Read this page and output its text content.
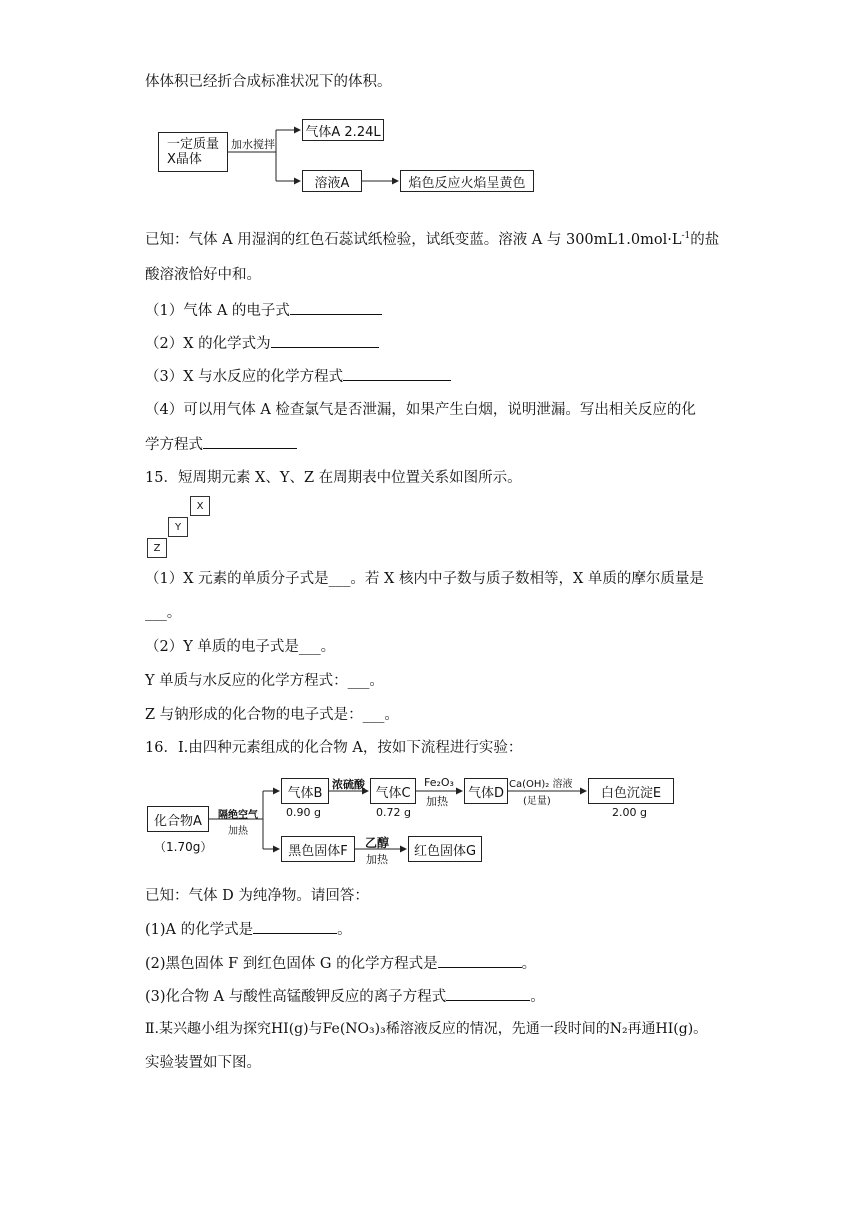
体体积已经折合成标准状况下的体积。
一定质量
X晶体
加水搅拌
气体A 2.24L
溶液A	焰色反应火焰呈黄色
已知：气体 A 用湿润的红色石蕊试纸检验，试纸变蓝。溶液 A 与 $300mL1.0mol\cdot L^{-1}$的盐
酸溶液恰好中和。
（1）气体 A 的电子式
（2）X 的化学式为
（3）X 与水反应的化学方程式
（4）可以用气体 A 检查氯气是否泄漏，如果产生白烟，说明泄漏。写出相关反应的化
学方程式
15．短周期元素 X、Y、Z 在周期表中位置关系如图所示。
X
Y
Z
（1）X 元素的单质分子式是___。若 X 核内中子数与质子数相等，X 单质的摩尔质量是
___。
（2）Y 单质的电子式是___。
Y 单质与水反应的化学方程式：___。
Z 与钠形成的化合物的电子式是：___。
16．Ⅰ.由四种元素组成的化合物 A，按如下流程进行实验：
化合物A
（1.70g）
隔绝空气
加热
气体B
0.90 g
浓硫酸
气体C
0.72 g
Fe₂O₃
加热
气体D
Ca(OH)₂ 溶液
(足量)
白色沉淀E
2.00 g
黑色固体F
乙醇
加热
红色固体G
已知：气体 D 为纯净物。请回答：
(1)A 的化学式是	。
(2)黑色固体 F 到红色固体 G 的化学方程式是	。
(3)化合物 A 与酸性高锰酸钾反应的离子方程式	。
Ⅱ.某兴趣小组为探究HI(g)与Fe(NO₃)₃稀溶液反应的情况，先通一段时间的N₂再通HI(g)。
实验装置如下图。
